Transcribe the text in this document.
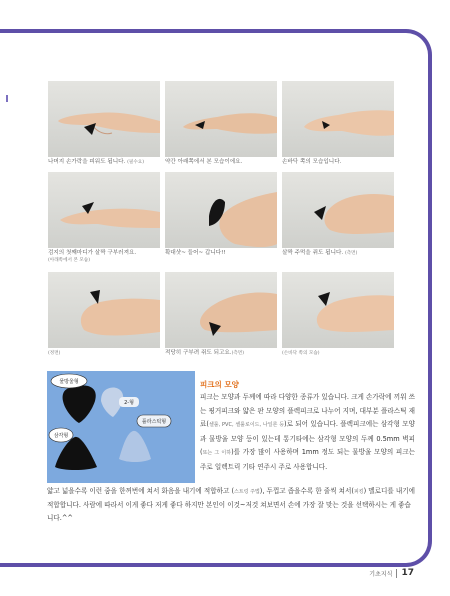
나머지 손가락을 피워도 됩니다. (필수요)	약간 아래쪽에서 본 모습이에요.	손바닥 쪽의 모습입니다.
검지의 첫째마디가 살짝 구부러져요.
(아래쪽에서 본 모습)
확대샷~ 들어~ 갑니다!!	살짝 주먹을 쥐도 됩니다. (측면)
(정면)	적당히 구부려 쥐도 되고요.(측면)	(손바닥 쪽의 모습)
물방울형
2-형
삼각형
플라스틱형
피크의 모양
피크는 모양과 두께에 따라 다양한 종류가 있습니다. 크게 손가락에 끼워 쓰는 핑거피크와 얇은 판 모양의 플렉피크로 나누어 지며, 대부분 플라스틱 재료(셀룰, PVC, 셀룰로이드, 나일론 등)로 되어 있습니다. 플렉피크에는 삼각형 모양과 물방울 모양 등이 있는데 통기타에는 삼각형 모양의 두께 0.5mm 벽피(또는 그 이하)를 가장 많이 사용하며 1mm 정도 되는 물방울 모양의 피크는 주로 일렉트릭 기타 연주시 주로 사용합니다.
얇고 넓을수록 이런 줌을 한꺼번에 쳐서 화음을 내기에 적합하고 (스트링 주법), 두껍고 좁을수록 한 줄씩 쳐서(피킹) 멜로디를 내기에 적합합니다. 사람에 따라서 이게 좋다 저게 좋다 하지만 본인이 이것~저것 쳐보면서 손에 가장 잘 맞는 것을 선택하시는 게 좋습니다.^^
기초지식 17
